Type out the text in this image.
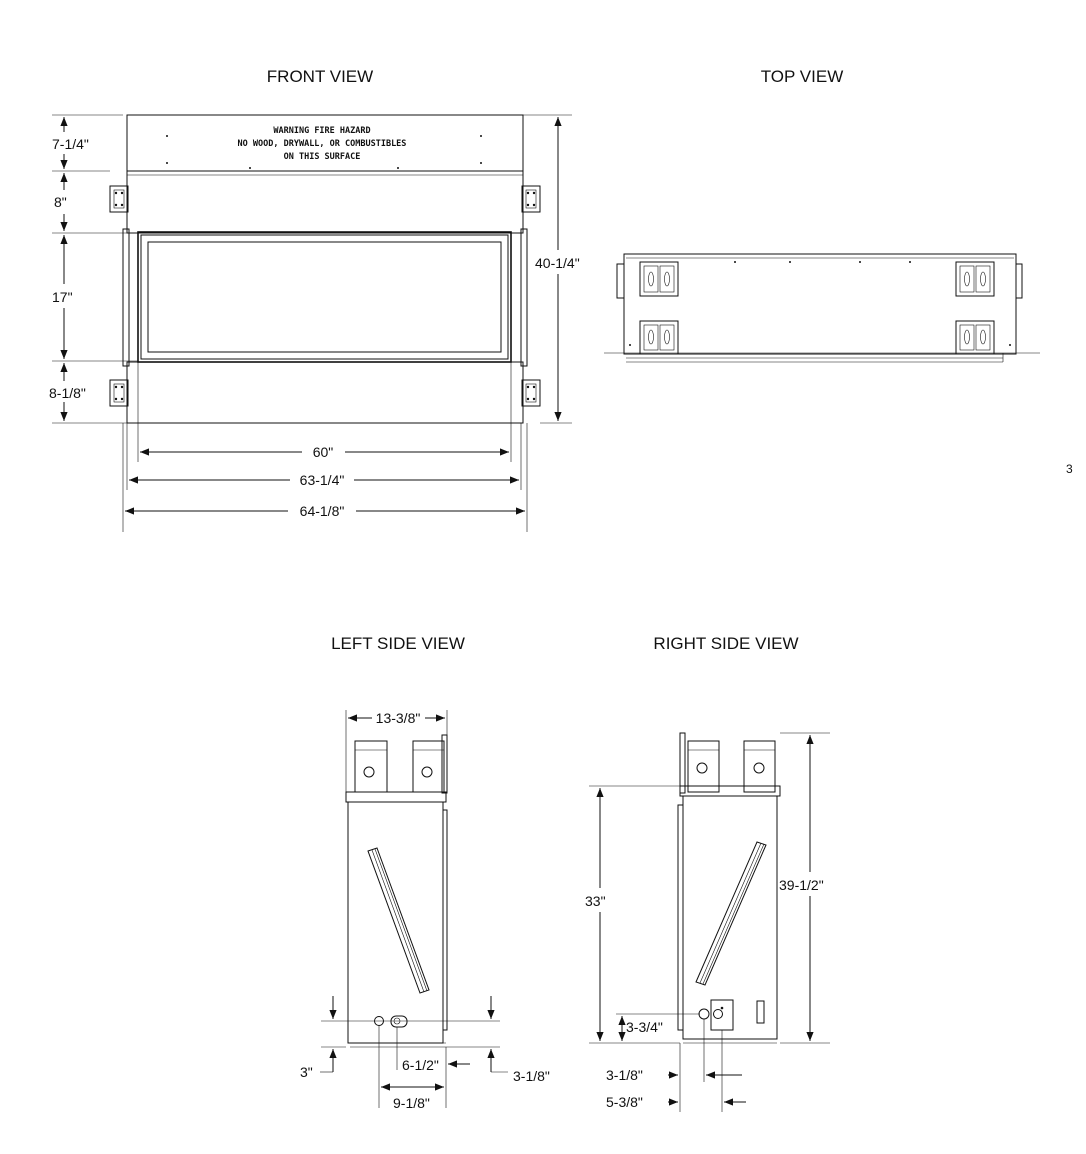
FRONT VIEW	TOP VIEW
LEFT SIDE VIEW	RIGHT SIDE VIEW
WARNING FIRE HAZARD
NO WOOD, DRYWALL, OR COMBUSTIBLES
ON THIS SURFACE
7-1/4"
8"
17"
8-1/8"
40-1/4"
60"
63-1/4"
64-1/8"
13-3/8"
3"	3-1/8"
6-1/2"
9-1/8"
33"
39-1/2"
3-3/4"
3-1/8"
5-3/8"
3
